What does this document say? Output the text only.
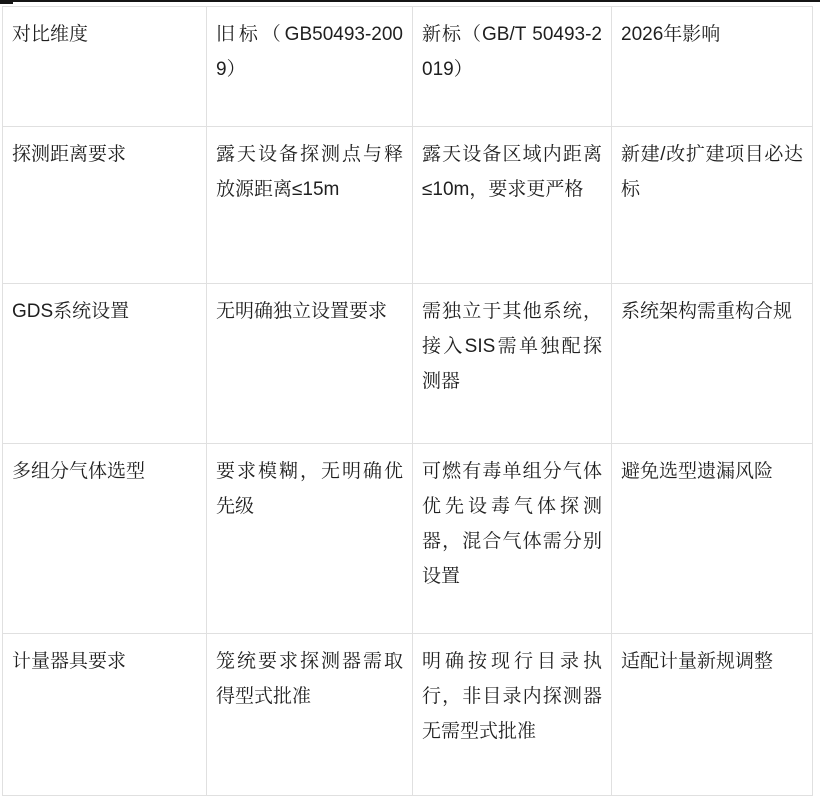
对比维度	旧标（GB50493-2009）	新标（GB/T 50493-2019）	2026年影响
探测距离要求	露天设备探测点与释放源距离≤15m	露天设备区域内距离≤10m，要求更严格	新建/改扩建项目必达标
GDS系统设置	无明确独立设置要求	需独立于其他系统，接入SIS需单独配探测器	系统架构需重构合规
多组分气体选型	要求模糊，无明确优先级	可燃有毒单组分气体优先设毒气体探测器，混合气体需分别设置	避免选型遗漏风险
计量器具要求	笼统要求探测器需取得型式批准	明确按现行目录执行，非目录内探测器无需型式批准	适配计量新规调整
